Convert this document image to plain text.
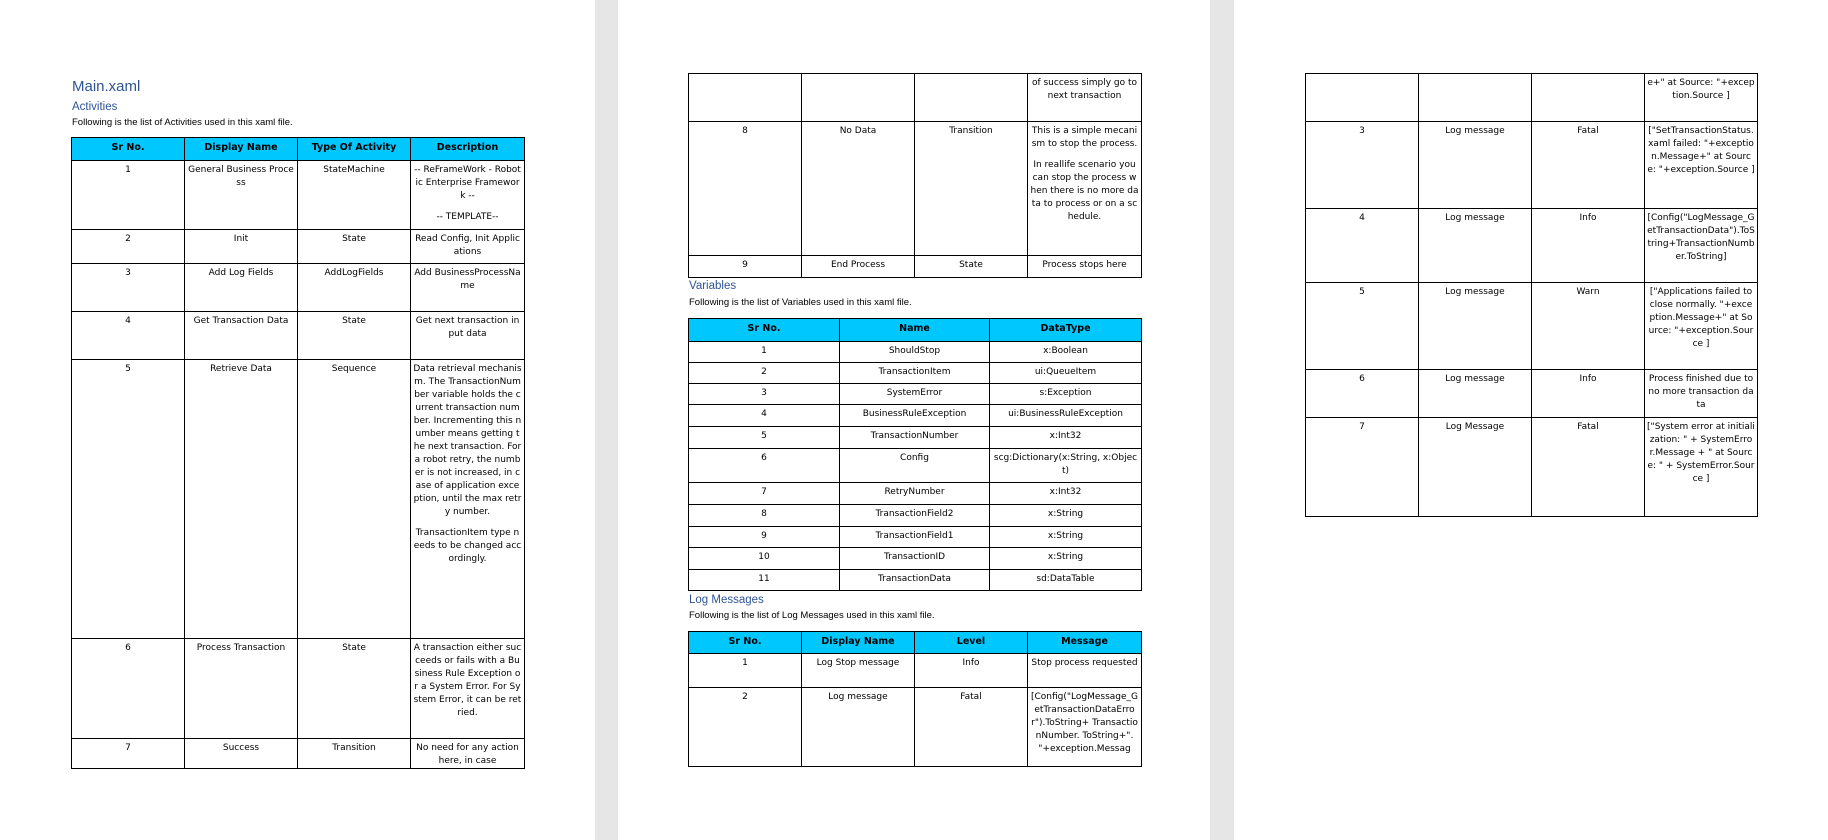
Main.xaml
Activities
Following is the list of Activities used in this xaml file.
Sr No.	Display Name	Type Of Activity	Description
1	General Business Process	StateMachine	-- ReFrameWork - Robotic Enterprise Framework --
-- TEMPLATE--

2	Init	State	Read Config, Init Applications

3	Add Log Fields	AddLogFields	Add BusinessProcessName

4	Get Transaction Data	State	Get next transaction input data

5	Retrieve Data	Sequence	Data retrieval mechanism. The TransactionNumber variable holds the current transaction number. Incrementing this number means getting the next transaction. For a robot retry, the number is not increased, in case of application exception, until the max retry number.
TransactionItem type needs to be changed accordingly.

6	Process Transaction	State	A transaction either succeeds or fails with a Business Rule Exception or a System Error. For System Error, it can be retried.

7	Success	Transition	No need for any action here, in case

			of success simply go to next transaction

8	No Data	Transition	This is a simple mecanism to stop the process.
In reallife scenario you can stop the process when there is no more data to process or on a schedule.

9	End Process	State	Process stops here
Variables
Following is the list of Variables used in this xaml file.
Sr No.	Name	DataType
1	ShouldStop	x:Boolean
2	TransactionItem	ui:QueueItem
3	SystemError	s:Exception
4	BusinessRuleException	ui:BusinessRuleException
5	TransactionNumber	x:Int32
6	Config	scg:Dictionary(x:String, x:Object)
7	RetryNumber	x:Int32
8	TransactionField2	x:String
9	TransactionField1	x:String
10	TransactionID	x:String
11	TransactionData	sd:DataTable
Log Messages
Following is the list of Log Messages used in this xaml file.
Sr No.	Display Name	Level	Message
1	Log Stop message	Info	Stop process requested

2	Log message	Fatal	[Config("LogMessage_GetTransactionDataError").ToString+ TransactionNumber. ToString+". "+exception.Messag

			e+" at Source: "+exception.Source ]

3	Log message	Fatal	["SetTransactionStatus.xaml failed: "+exception.Message+" at Source: "+exception.Source ]

4	Log message	Info	[Config("LogMessage_GetTransactionData").ToString+TransactionNumber.ToString]

5	Log message	Warn	["Applications failed to close normally. "+exception.Message+" at Source: "+exception.Source ]

6	Log message	Info	Process finished due to no more transaction data

7	Log Message	Fatal	["System error at initialization: " + SystemError.Message + " at Source: " + SystemError.Source ]
